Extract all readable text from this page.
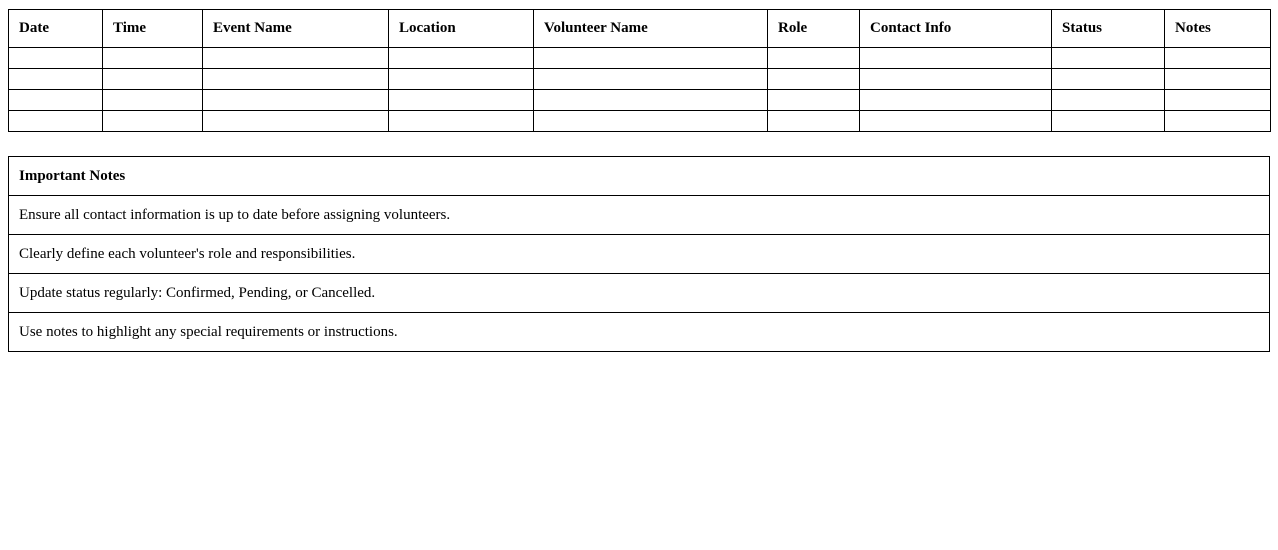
Date	Time	Event Name	Location	Volunteer Name	Role	Contact Info	Status	Notes

Important Notes
Ensure all contact information is up to date before assigning volunteers.
Clearly define each volunteer's role and responsibilities.
Update status regularly: Confirmed, Pending, or Cancelled.
Use notes to highlight any special requirements or instructions.
